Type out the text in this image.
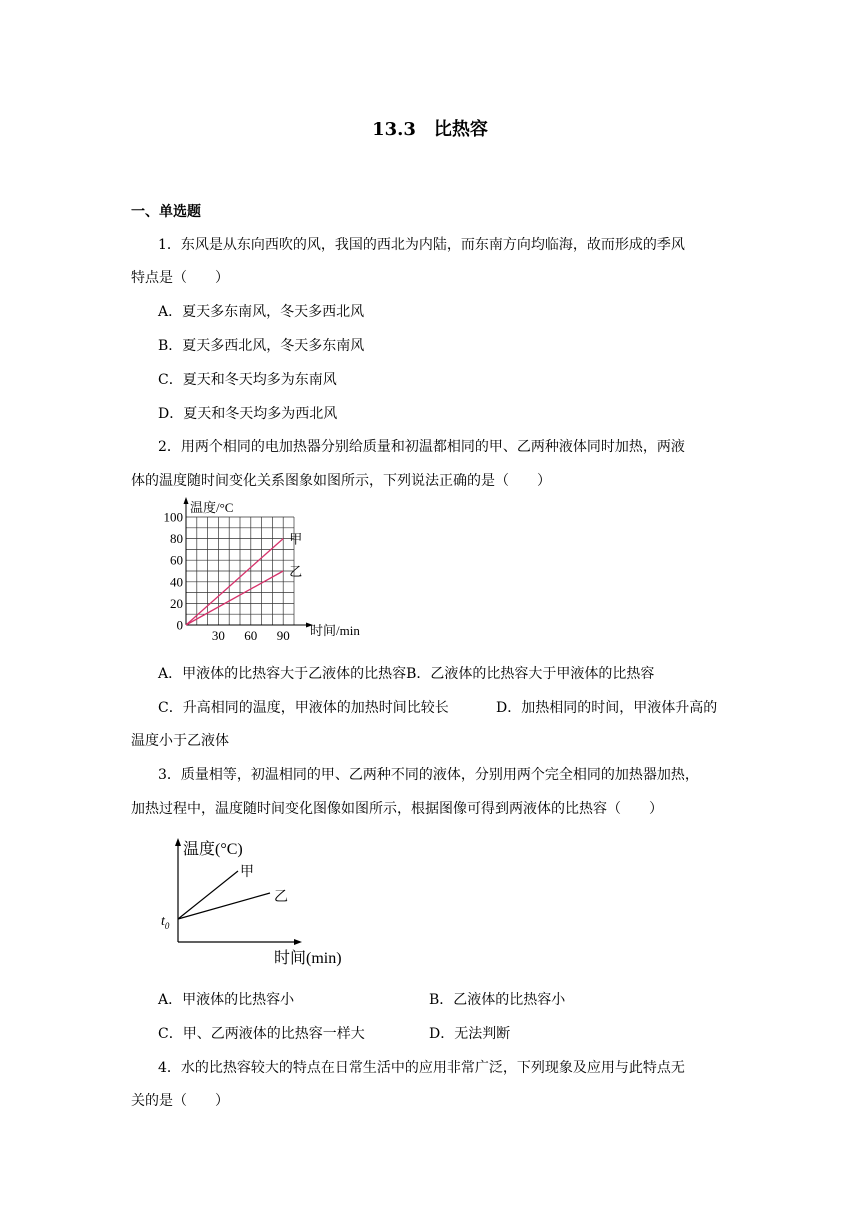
13.3　比热容
一、单选题
1．东风是从东向西吹的风，我国的西北为内陆，而东南方向均临海，故而形成的季风
特点是（　　）
A．夏天多东南风，冬天多西北风
B．夏天多西北风，冬天多东南风
C．夏天和冬天均多为东南风
D．夏天和冬天均多为西北风
2．用两个相同的电加热器分别给质量和初温都相同的甲、乙两种液体同时加热，两液
体的温度随时间变化关系图象如图所示，下列说法正确的是（　　）
温度/°C
时间/min
100
80
60
40
20
0
30 60 90
甲
乙
A．甲液体的比热容大于乙液体的比热容B．乙液体的比热容大于甲液体的比热容
C．升高相同的温度，甲液体的加热时间比较长	D．加热相同的时间，甲液体升高的
温度小于乙液体
3．质量相等，初温相同的甲、乙两种不同的液体，分别用两个完全相同的加热器加热，
加热过程中，温度随时间变化图像如图所示，根据图像可得到两液体的比热容（　　）
温度(°C)
时间(min)
甲
乙
$t_0$
A．甲液体的比热容小	B．乙液体的比热容小
C．甲、乙两液体的比热容一样大	D．无法判断
4．水的比热容较大的特点在日常生活中的应用非常广泛，下列现象及应用与此特点无
关的是（　　）
